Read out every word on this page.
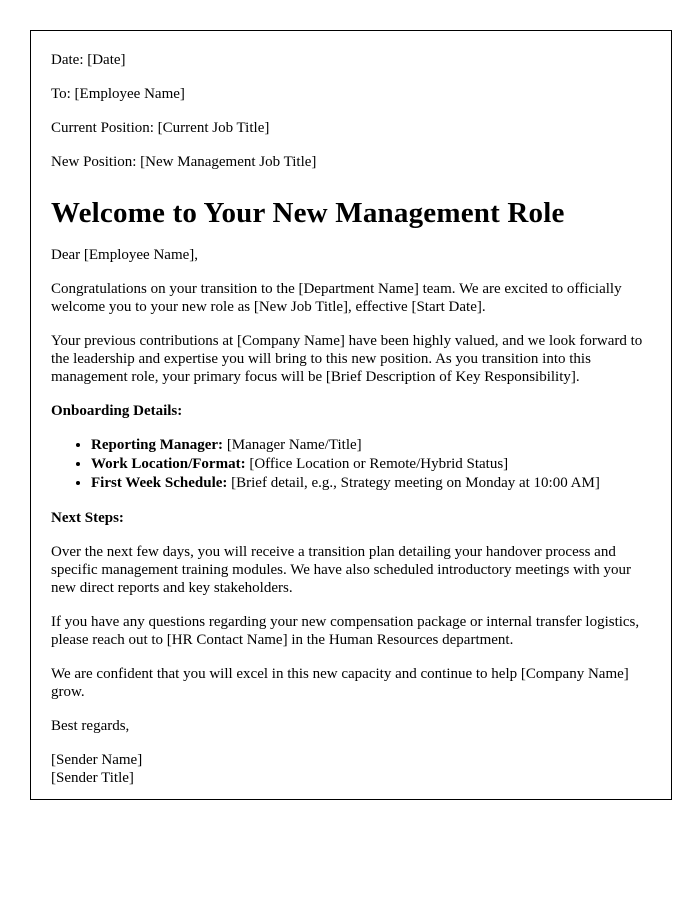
Date: [Date]

To: [Employee Name]

Current Position: [Current Job Title]

New Position: [New Management Job Title]

Welcome to Your New Management Role

Dear [Employee Name],

Congratulations on your transition to the [Department Name] team. We are excited to officially welcome you to your new role as [New Job Title], effective [Start Date].

Your previous contributions at [Company Name] have been highly valued, and we look forward to the leadership and expertise you will bring to this new position. As you transition into this management role, your primary focus will be [Brief Description of Key Responsibility].

Onboarding Details:

• Reporting Manager: [Manager Name/Title]
• Work Location/Format: [Office Location or Remote/Hybrid Status]
• First Week Schedule: [Brief detail, e.g., Strategy meeting on Monday at 10:00 AM]

Next Steps:

Over the next few days, you will receive a transition plan detailing your handover process and specific management training modules. We have also scheduled introductory meetings with your new direct reports and key stakeholders.

If you have any questions regarding your new compensation package or internal transfer logistics, please reach out to [HR Contact Name] in the Human Resources department.

We are confident that you will excel in this new capacity and continue to help [Company Name] grow.

Best regards,

[Sender Name]
[Sender Title]
